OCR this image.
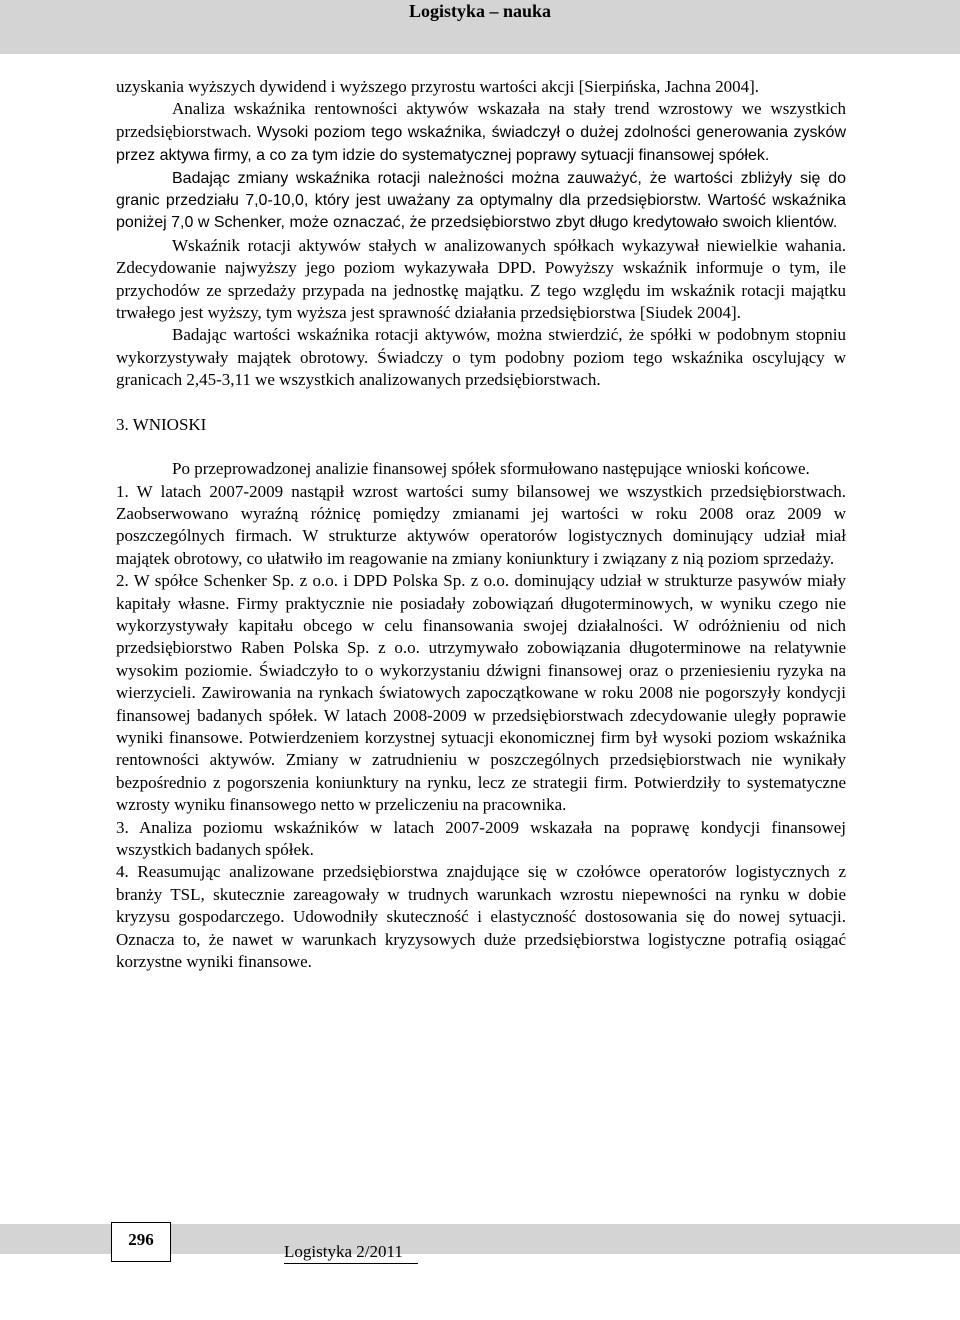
Logistyka – nauka

uzyskania wyższych dywidend i wyższego przyrostu wartości akcji [Sierpińska, Jachna 2004].

Analiza wskaźnika rentowności aktywów wskazała na stały trend wzrostowy we wszystkich przedsiębiorstwach. Wysoki poziom tego wskaźnika, świadczył o dużej zdolności generowania zysków przez aktywa firmy, a co za tym idzie do systematycznej poprawy sytuacji finansowej spółek.

Badając zmiany wskaźnika rotacji należności można zauważyć, że wartości zbliżyły się do granic przedziału 7,0-10,0, który jest uważany za optymalny dla przedsiębiorstw. Wartość wskaźnika poniżej 7,0 w Schenker, może oznaczać, że przedsiębiorstwo zbyt długo kredytowało swoich klientów.

Wskaźnik rotacji aktywów stałych w analizowanych spółkach wykazywał niewielkie wahania. Zdecydowanie najwyższy jego poziom wykazywała DPD. Powyższy wskaźnik informuje o tym, ile przychodów ze sprzedaży przypada na jednostkę majątku. Z tego względu im wskaźnik rotacji majątku trwałego jest wyższy, tym wyższa jest sprawność działania przedsiębiorstwa [Siudek 2004].

Badając wartości wskaźnika rotacji aktywów, można stwierdzić, że spółki w podobnym stopniu wykorzystywały majątek obrotowy. Świadczy o tym podobny poziom tego wskaźnika oscylujący w granicach 2,45-3,11 we wszystkich analizowanych przedsiębiorstwach.

3. WNIOSKI

Po przeprowadzonej analizie finansowej spółek sformułowano następujące wnioski końcowe.

1. W latach 2007-2009 nastąpił wzrost wartości sumy bilansowej we wszystkich przedsiębiorstwach. Zaobserwowano wyraźną różnicę pomiędzy zmianami jej wartości w roku 2008 oraz 2009 w poszczególnych firmach. W strukturze aktywów operatorów logistycznych dominujący udział miał majątek obrotowy, co ułatwiło im reagowanie na zmiany koniunktury i związany z nią poziom sprzedaży.

2. W spółce Schenker Sp. z o.o. i DPD Polska Sp. z o.o. dominujący udział w strukturze pasywów miały kapitały własne. Firmy praktycznie nie posiadały zobowiązań długoterminowych, w wyniku czego nie wykorzystywały kapitału obcego w celu finansowania swojej działalności. W odróżnieniu od nich przedsiębiorstwo Raben Polska Sp. z o.o. utrzymywało zobowiązania długoterminowe na relatywnie wysokim poziomie. Świadczyło to o wykorzystaniu dźwigni finansowej oraz o przeniesieniu ryzyka na wierzycieli. Zawirowania na rynkach światowych zapoczątkowane w roku 2008 nie pogorszyły kondycji finansowej badanych spółek. W latach 2008-2009 w przedsiębiorstwach zdecydowanie uległy poprawie wyniki finansowe. Potwierdzeniem korzystnej sytuacji ekonomicznej firm był wysoki poziom wskaźnika rentowności aktywów. Zmiany w zatrudnieniu w poszczególnych przedsiębiorstwach nie wynikały bezpośrednio z pogorszenia koniunktury na rynku, lecz ze strategii firm. Potwierdziły to systematyczne wzrosty wyniku finansowego netto w przeliczeniu na pracownika.

3. Analiza poziomu wskaźników w latach 2007-2009 wskazała na poprawę kondycji finansowej wszystkich badanych spółek.

4. Reasumując analizowane przedsiębiorstwa znajdujące się w czołówce operatorów logistycznych z branży TSL, skutecznie zareagowały w trudnych warunkach wzrostu niepewności na rynku w dobie kryzysu gospodarczego. Udowodniły skuteczność i elastyczność dostosowania się do nowej sytuacji. Oznacza to, że nawet w warunkach kryzysowych duże przedsiębiorstwa logistyczne potrafią osiągać korzystne wyniki finansowe.

296
Logistyka 2/2011
